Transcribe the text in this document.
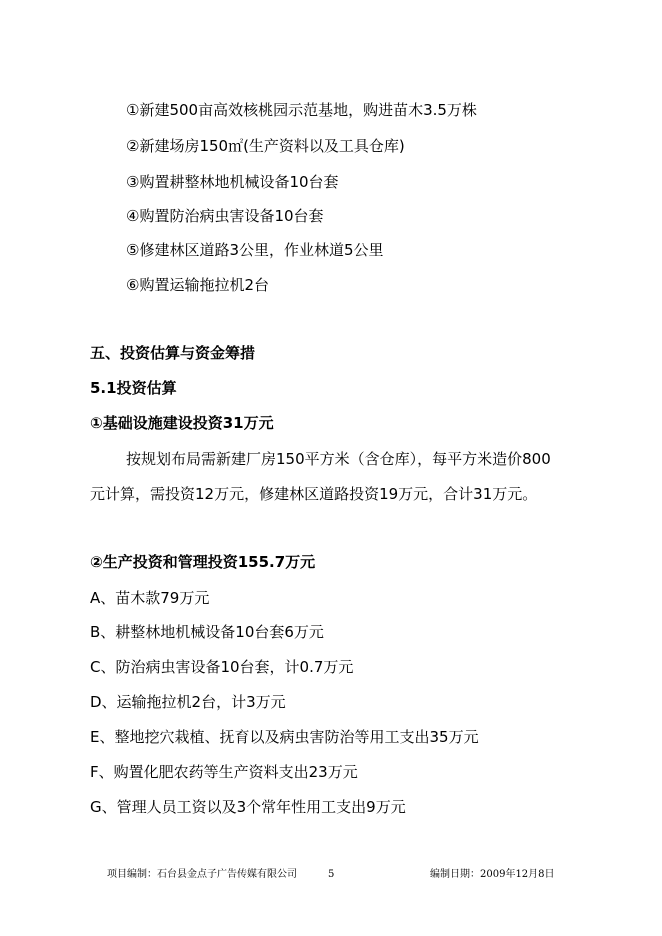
①新建500亩高效核桃园示范基地，购进苗木3.5万株
②新建场房150㎡(生产资料以及工具仓库)
③购置耕整林地机械设备10台套
④购置防治病虫害设备10台套
⑤修建林区道路3公里，作业林道5公里
⑥购置运输拖拉机2台
五、投资估算与资金筹措
5.1投资估算
①基础设施建设投资31万元
按规划布局需新建厂房150平方米（含仓库），每平方米造价800
元计算，需投资12万元，修建林区道路投资19万元，合计31万元。
②生产投资和管理投资155.7万元
A、苗木款79万元
B、耕整林地机械设备10台套6万元
C、防治病虫害设备10台套，计0.7万元
D、运输拖拉机2台，计3万元
E、整地挖穴栽植、抚育以及病虫害防治等用工支出35万元
F、购置化肥农药等生产资料支出23万元
G、管理人员工资以及3个常年性用工支出9万元
项目编制：石台县金点子广告传媒有限公司	5	编制日期：2009年12月8日
